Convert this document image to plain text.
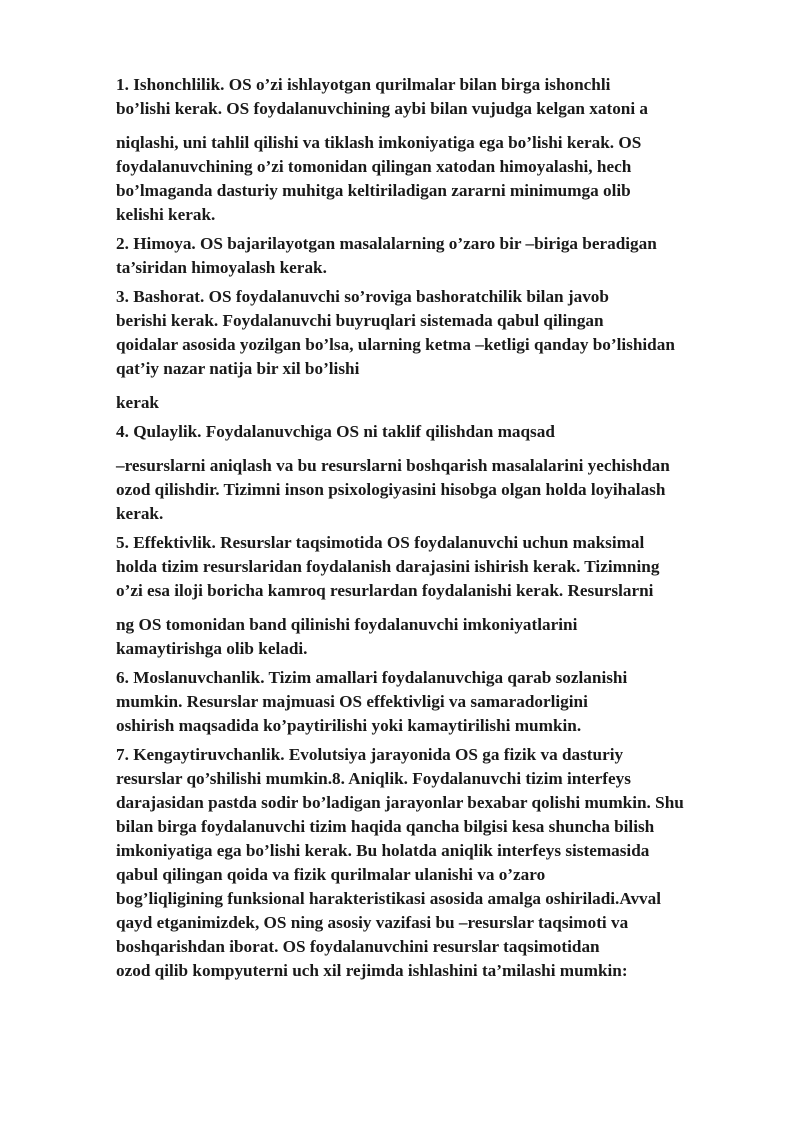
1. Ishonchlilik. OS o’zi ishlayotgan qurilmalar bilan birga ishonchli
bo’lishi kerak. OS foydalanuvchining aybi bilan vujudga kelgan xatoni a
niqlashi, uni tahlil qilishi va tiklash imkoniyatiga ega bo’lishi kerak. OS
foydalanuvchining o’zi tomonidan qilingan xatodan himoyalashi, hech
bo’lmaganda dasturiy muhitga keltiriladigan zararni minimumga olib
kelishi kerak.
2. Himoya. OS bajarilayotgan masalalarning o’zaro bir –biriga beradigan
ta’siridan himoyalash kerak.
3. Bashorat. OS foydalanuvchi so’roviga bashoratchilik bilan javob
berishi kerak. Foydalanuvchi buyruqlari sistemada qabul qilingan
qoidalar asosida yozilgan bo’lsa, ularning ketma –ketligi qanday bo’lishidan
qat’iy nazar natija bir xil bo’lishi
kerak
4. Qulaylik. Foydalanuvchiga OS ni taklif qilishdan maqsad
–resurslarni aniqlash va bu resurslarni boshqarish masalalarini yechishdan
ozod qilishdir. Tizimni inson psixologiyasini hisobga olgan holda loyihalash
kerak.
5. Effektivlik. Resurslar taqsimotida OS foydalanuvchi uchun maksimal
holda tizim resurslaridan foydalanish darajasini ishirish kerak. Tizimning
o’zi esa iloji boricha kamroq resurlardan foydalanishi kerak. Resurslarni
ng OS tomonidan band qilinishi foydalanuvchi imkoniyatlarini
kamaytirishga olib keladi.
6. Moslanuvchanlik. Tizim amallari foydalanuvchiga qarab sozlanishi
mumkin. Resurslar majmuasi OS effektivligi va samaradorligini
oshirish maqsadida ko’paytirilishi yoki kamaytirilishi mumkin.
7. Kengaytiruvchanlik. Evolutsiya jarayonida OS ga fizik va dasturiy
resurslar qo’shilishi mumkin.8. Aniqlik. Foydalanuvchi tizim interfeys
darajasidan pastda sodir bo’ladigan jarayonlar bexabar qolishi mumkin. Shu
bilan birga foydalanuvchi tizim haqida qancha bilgisi kesa shuncha bilish
imkoniyatiga ega bo’lishi kerak. Bu holatda aniqlik interfeys sistemasida
qabul qilingan qoida va fizik qurilmalar ulanishi va o’zaro
bog’liqligining funksional harakteristikasi asosida amalga oshiriladi.Avval
qayd etganimizdek, OS ning asosiy vazifasi bu –resurslar taqsimoti va
boshqarishdan iborat. OS foydalanuvchini resurslar taqsimotidan
ozod qilib kompyuterni uch xil rejimda ishlashini ta’milashi mumkin:
